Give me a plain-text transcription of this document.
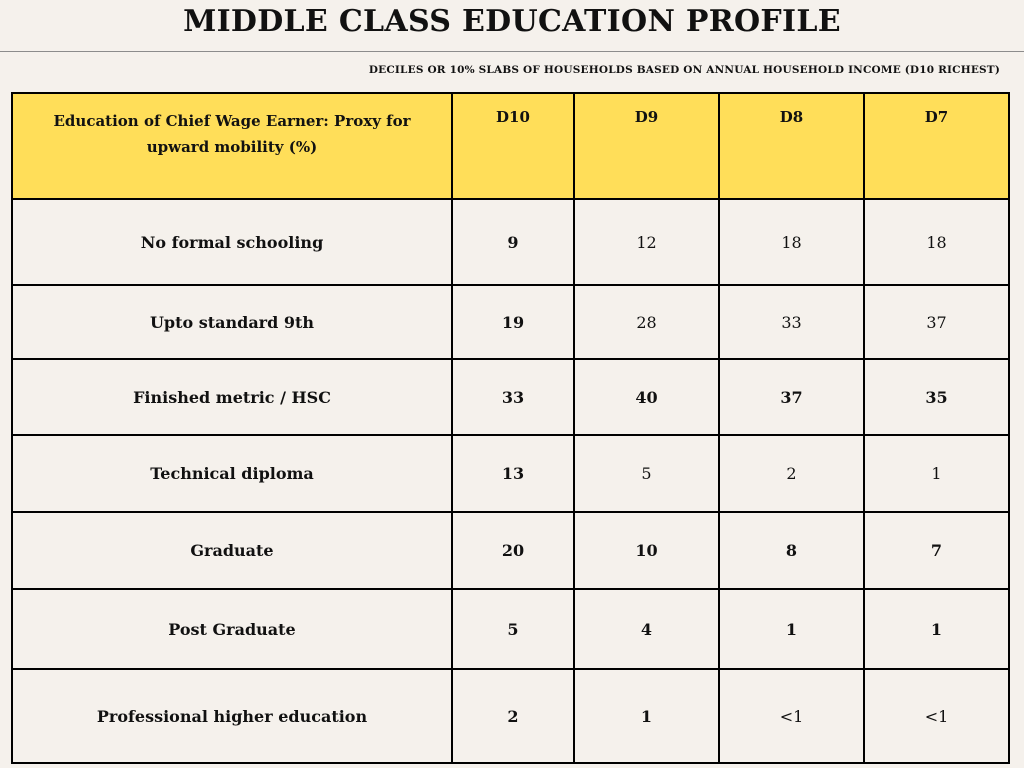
MIDDLE CLASS EDUCATION PROFILE
DECILES OR 10% SLABS OF HOUSEHOLDS BASED ON ANNUAL HOUSEHOLD INCOME (D10 RICHEST)
Education of Chief Wage Earner: Proxy for upward mobility (%)	D10	D9	D8	D7
No formal schooling	9	12	18	18
Upto standard 9th	19	28	33	37
Finished metric / HSC	33	40	37	35
Technical diploma	13	5	2	1
Graduate	20	10	8	7
Post Graduate	5	4	1	1
Professional higher education	2	1	<1	<1
